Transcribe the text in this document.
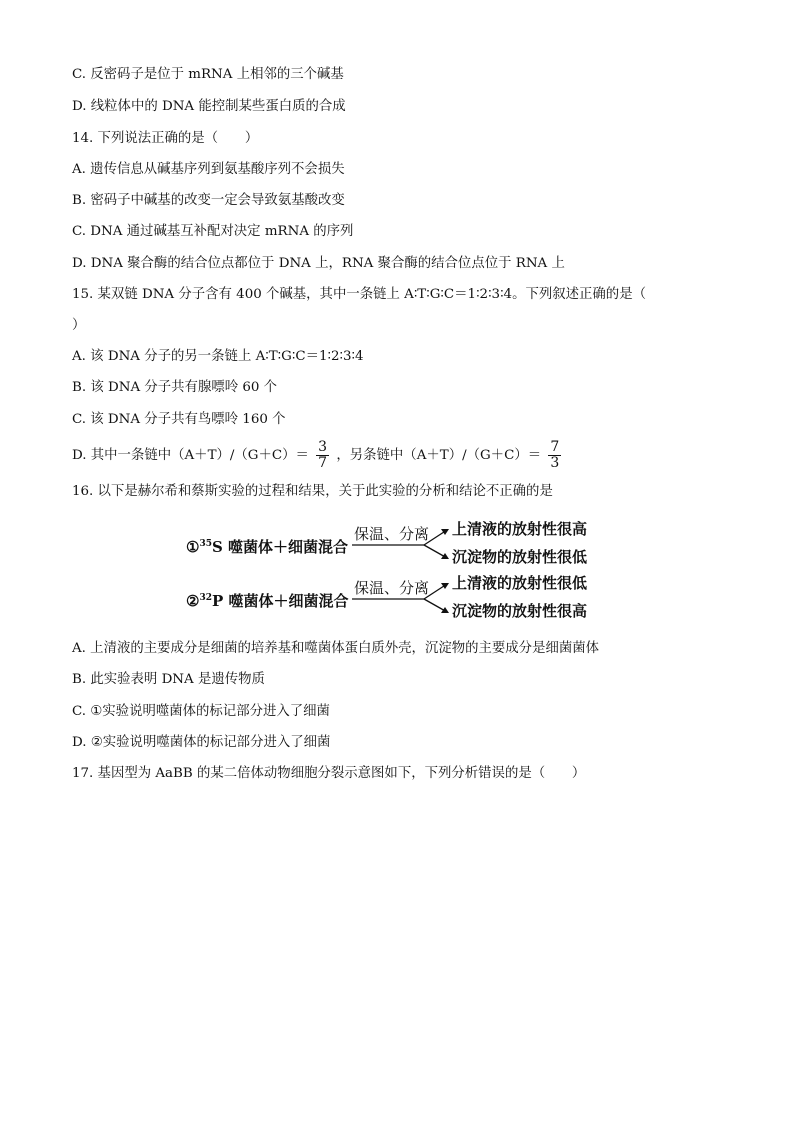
C. 反密码子是位于 mRNA 上相邻的三个碱基
D. 线粒体中的 DNA 能控制某些蛋白质的合成
14. 下列说法正确的是（　　）
A. 遗传信息从碱基序列到氨基酸序列不会损失
B. 密码子中碱基的改变一定会导致氨基酸改变
C. DNA 通过碱基互补配对决定 mRNA 的序列
D. DNA 聚合酶的结合位点都位于 DNA 上，RNA 聚合酶的结合位点位于 RNA 上
15. 某双链 DNA 分子含有 400 个碱基，其中一条链上 A∶T∶G∶C＝1∶2∶3∶4。下列叙述正确的是（
）
A. 该 DNA 分子的另一条链上 A∶T∶G∶C＝1∶2∶3∶4
B. 该 DNA 分子共有腺嘌呤 60 个
C. 该 DNA 分子共有鸟嘌呤 160 个
D. 其中一条链中$(A+T)/(G+C)= \frac{3}{7}$ ，另条链中$(A+T)/(G+C)= \frac{7}{3}$
16. 以下是赫尔希和蔡斯实验的过程和结果，关于此实验的分析和结论不正确的是
①$^{35}$S 噬菌体＋细菌混合
保温、分离 上清液的放射性很高
沉淀物的放射性很低
②$^{32}$P 噬菌体＋细菌混合
保温、分离 上清液的放射性很低
沉淀物的放射性很高
A. 上清液的主要成分是细菌的培养基和噬菌体蛋白质外壳，沉淀物的主要成分是细菌菌体
B. 此实验表明 DNA 是遗传物质
C. ①实验说明噬菌体的标记部分进入了细菌
D. ②实验说明噬菌体的标记部分进入了细菌
17. 基因型为 AaBB 的某二倍体动物细胞分裂示意图如下，下列分析错误的是（　　）
